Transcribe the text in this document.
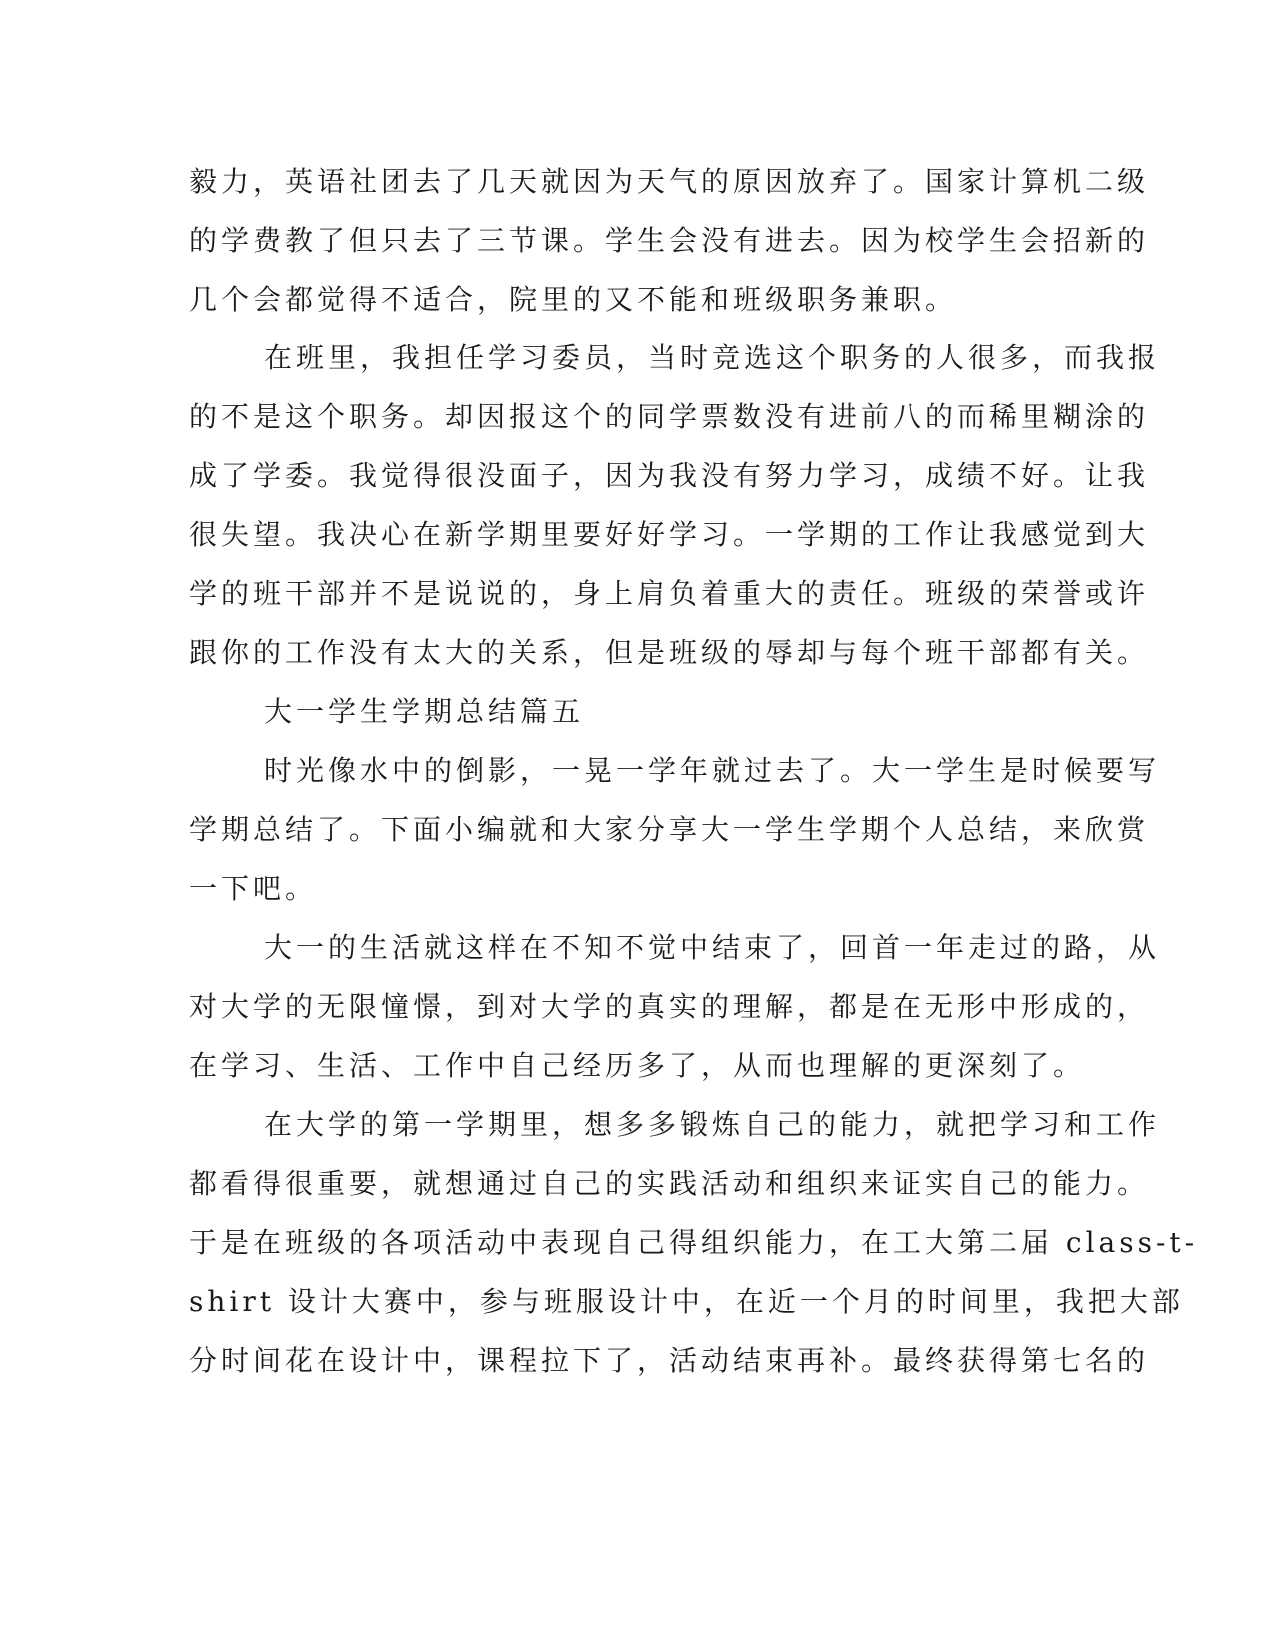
毅力，英语社团去了几天就因为天气的原因放弃了。国家计算机二级
的学费教了但只去了三节课。学生会没有进去。因为校学生会招新的
几个会都觉得不适合，院里的又不能和班级职务兼职。
在班里，我担任学习委员，当时竞选这个职务的人很多，而我报
的不是这个职务。却因报这个的同学票数没有进前八的而稀里糊涂的
成了学委。我觉得很没面子，因为我没有努力学习，成绩不好。让我
很失望。我决心在新学期里要好好学习。一学期的工作让我感觉到大
学的班干部并不是说说的，身上肩负着重大的责任。班级的荣誉或许
跟你的工作没有太大的关系，但是班级的辱却与每个班干部都有关。
大一学生学期总结篇五
时光像水中的倒影，一晃一学年就过去了。大一学生是时候要写
学期总结了。下面小编就和大家分享大一学生学期个人总结，来欣赏
一下吧。
大一的生活就这样在不知不觉中结束了，回首一年走过的路，从
对大学的无限憧憬，到对大学的真实的理解，都是在无形中形成的，
在学习、生活、工作中自己经历多了，从而也理解的更深刻了。
在大学的第一学期里，想多多锻炼自己的能力，就把学习和工作
都看得很重要，就想通过自己的实践活动和组织来证实自己的能力。
于是在班级的各项活动中表现自己得组织能力，在工大第二届 class-t-
shirt 设计大赛中，参与班服设计中，在近一个月的时间里，我把大部
分时间花在设计中，课程拉下了，活动结束再补。最终获得第七名的
